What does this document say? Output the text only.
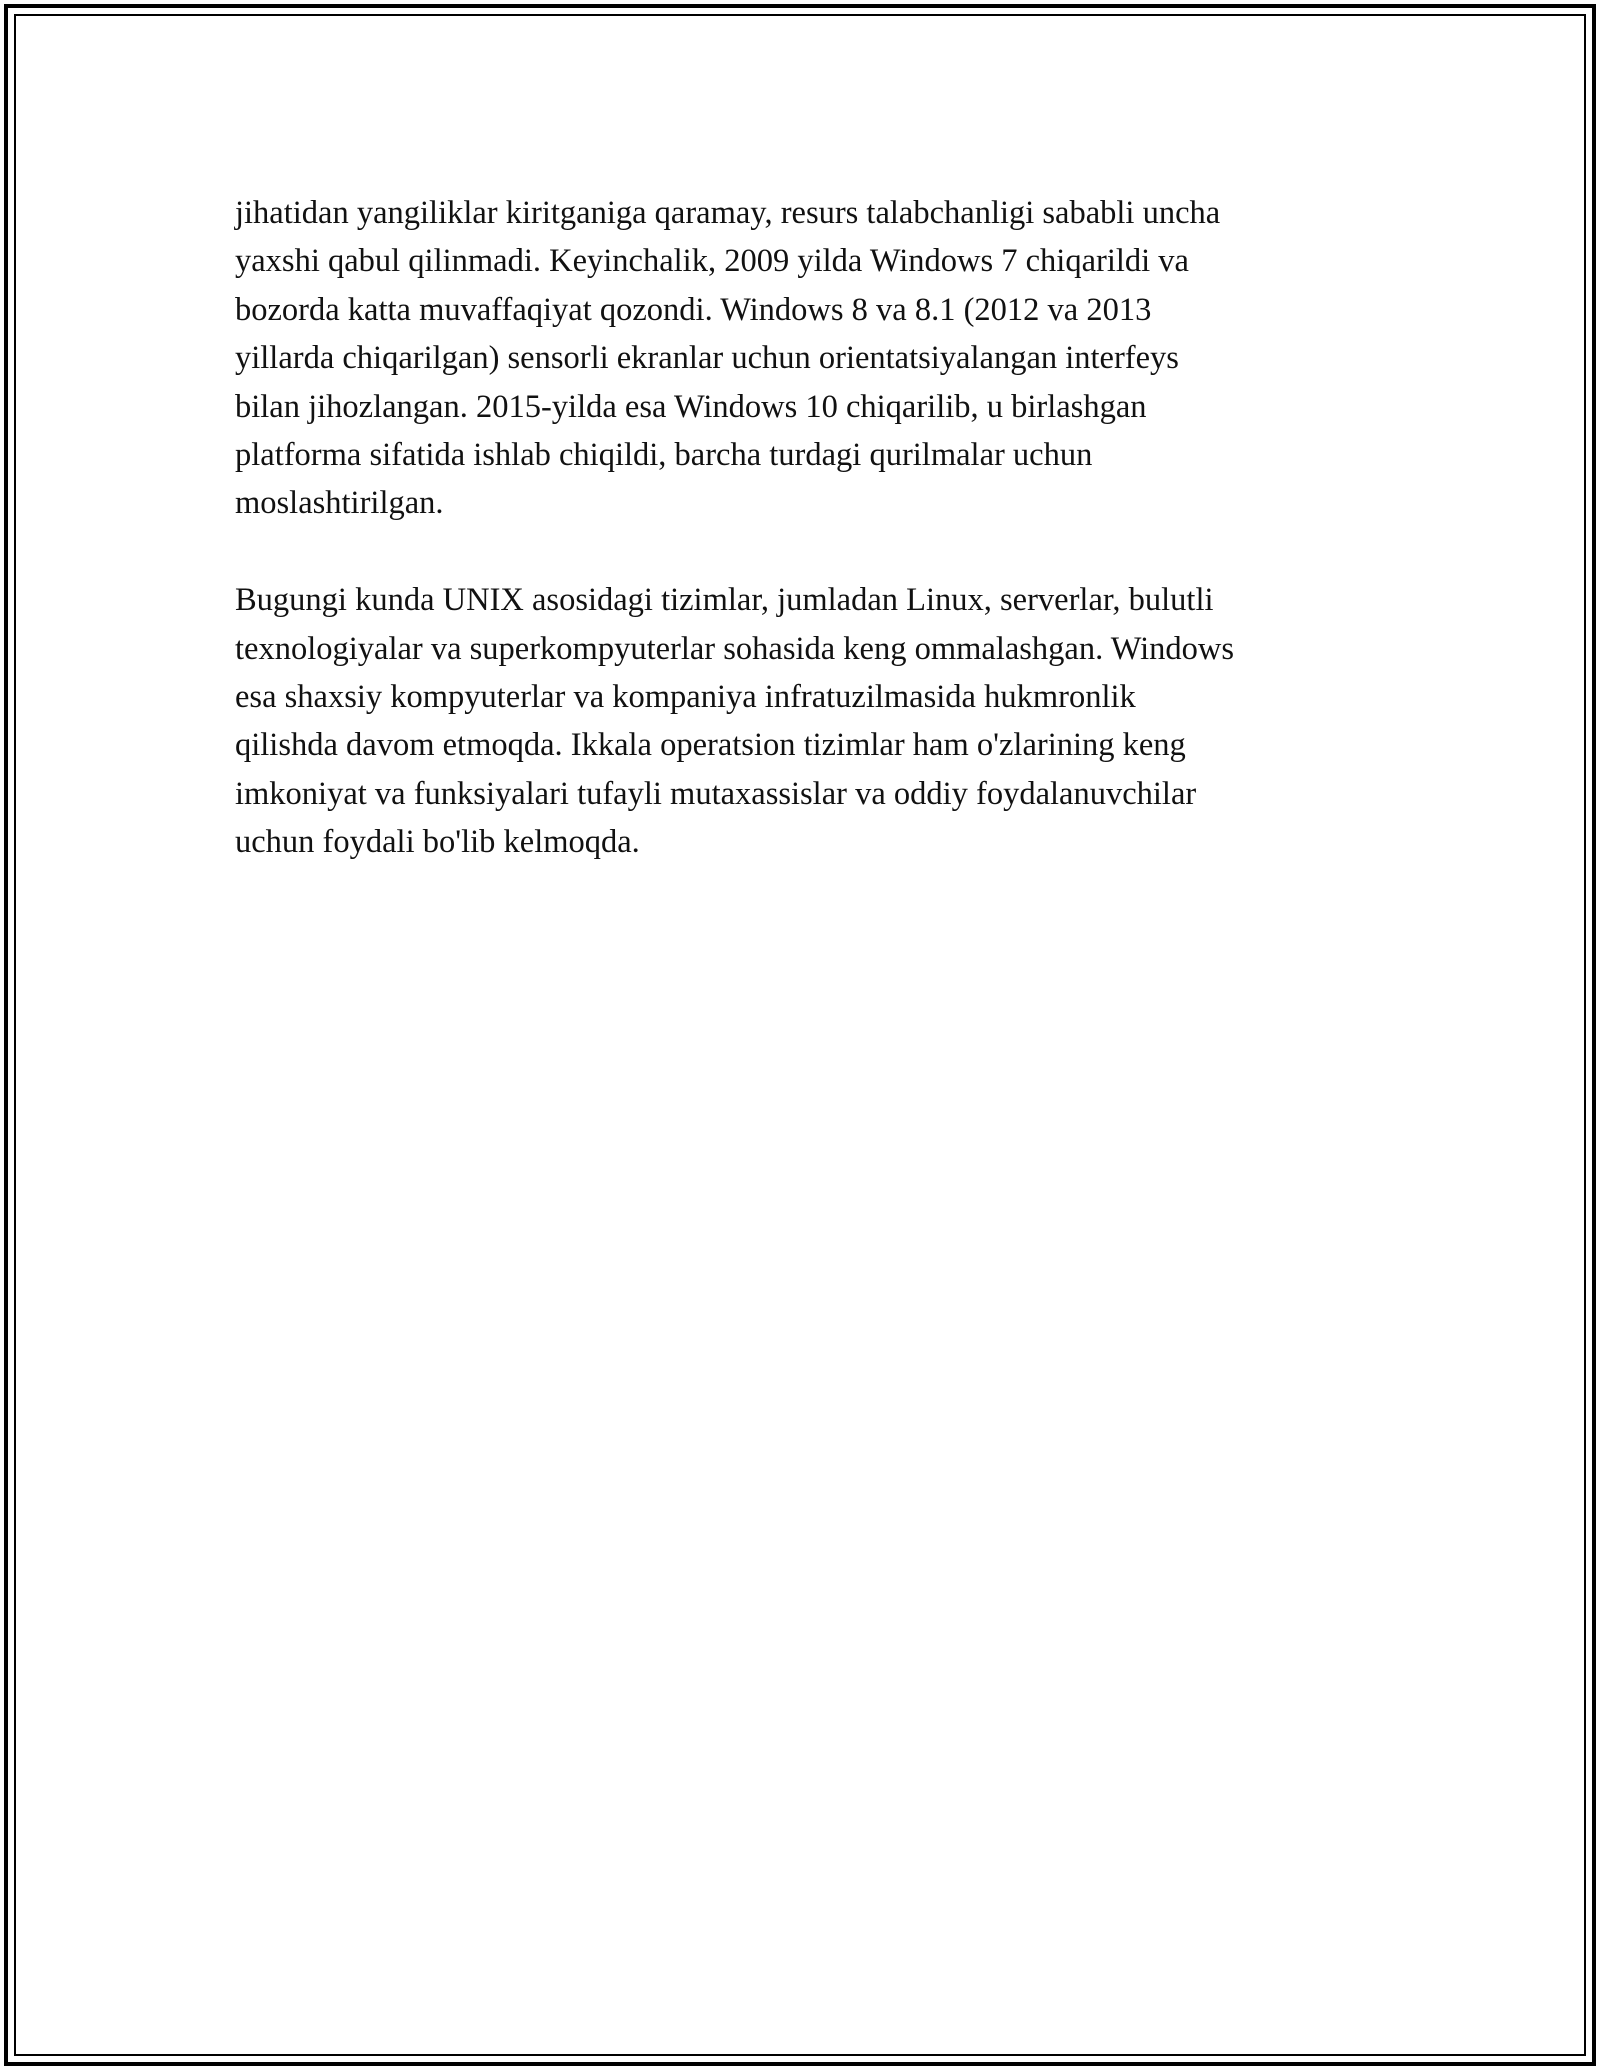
jihatidan yangiliklar kiritganiga qaramay, resurs talabchanligi sababli uncha
yaxshi qabul qilinmadi. Keyinchalik, 2009 yilda Windows 7 chiqarildi va
bozorda katta muvaffaqiyat qozondi. Windows 8 va 8.1 (2012 va 2013
yillarda chiqarilgan) sensorli ekranlar uchun orientatsiyalangan interfeys
bilan jihozlangan. 2015-yilda esa Windows 10 chiqarilib, u birlashgan
platforma sifatida ishlab chiqildi, barcha turdagi qurilmalar uchun
moslashtirilgan.

Bugungi kunda UNIX asosidagi tizimlar, jumladan Linux, serverlar, bulutli
texnologiyalar va superkompyuterlar sohasida keng ommalashgan. Windows
esa shaxsiy kompyuterlar va kompaniya infratuzilmasida hukmronlik
qilishda davom etmoqda. Ikkala operatsion tizimlar ham o'zlarining keng
imkoniyat va funksiyalari tufayli mutaxassislar va oddiy foydalanuvchilar
uchun foydali bo'lib kelmoqda.
